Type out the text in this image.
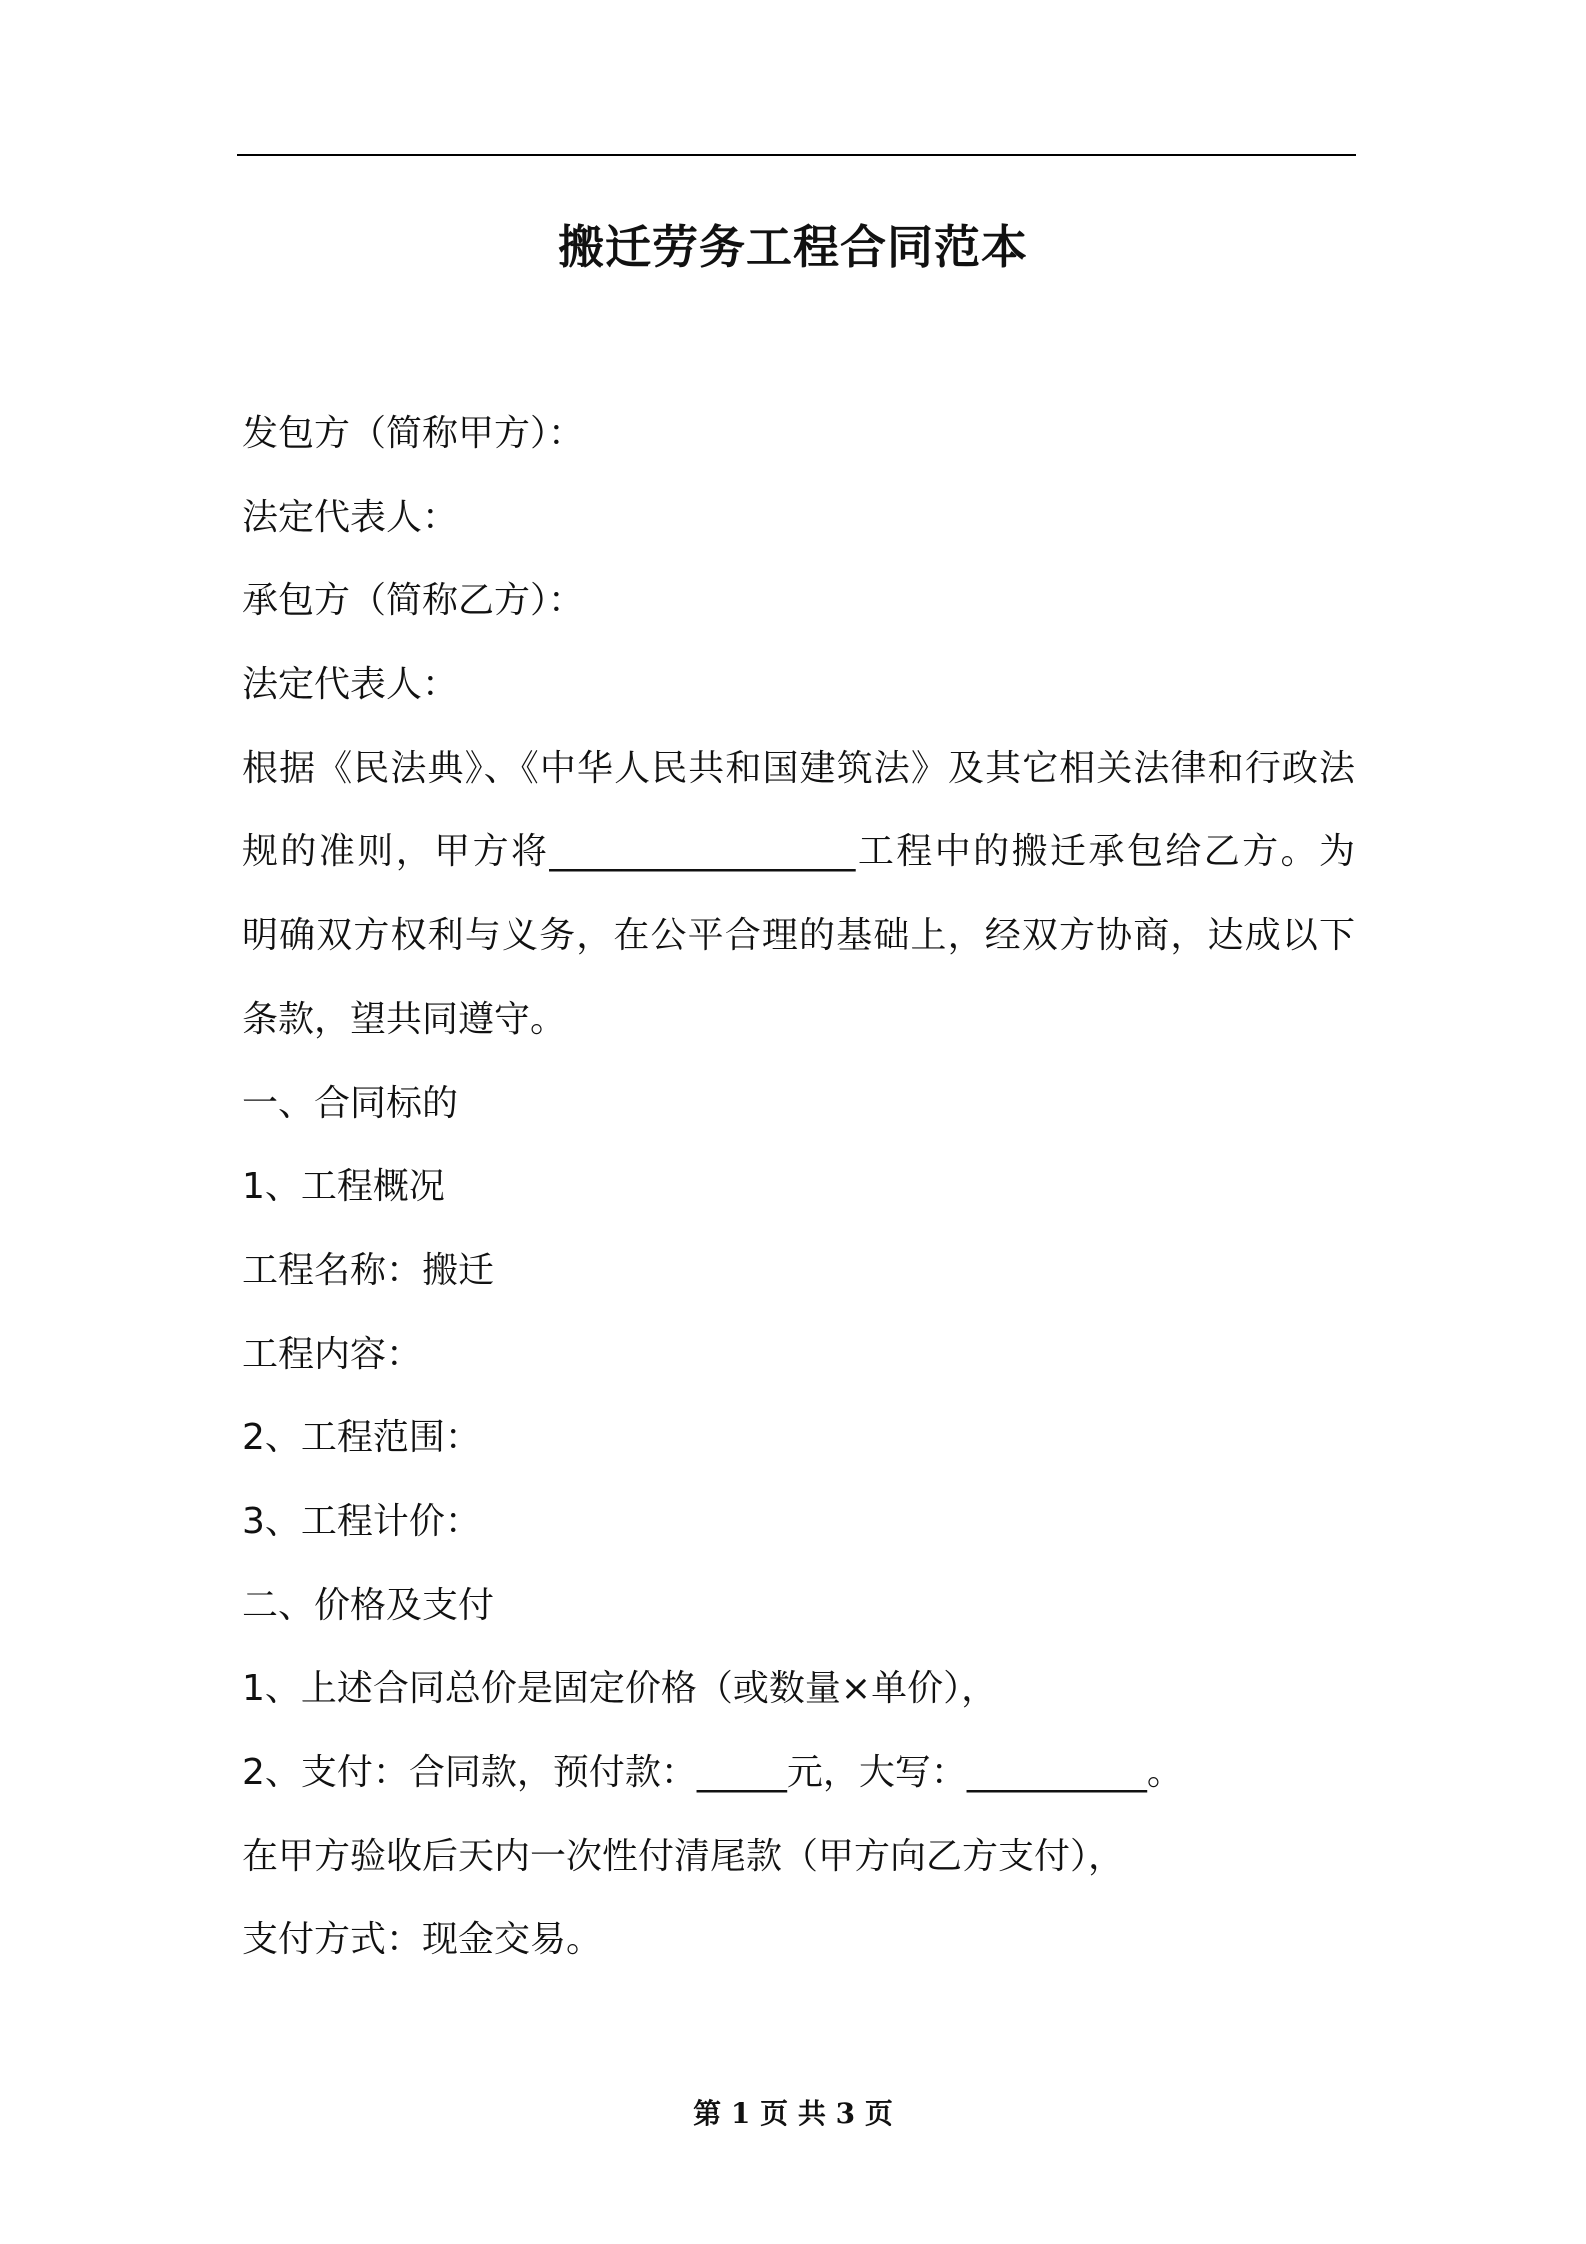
搬迁劳务工程合同范本
发包方（简称甲方）：
法定代表人：
承包方（简称乙方）：
法定代表人：
根据《民法典》、《中华人民共和国建筑法》及其它相关法律和行政法
规的准则，甲方将_________________工程中的搬迁承包给乙方。为
明确双方权利与义务，在公平合理的基础上，经双方协商，达成以下
条款，望共同遵守。
一、合同标的
1、工程概况
工程名称：搬迁
工程内容：
2、工程范围：
3、工程计价：
二、价格及支付
1、上述合同总价是固定价格（或数量×单价），
2、支付：合同款，预付款：_____元，大写：__________。
在甲方验收后天内一次性付清尾款（甲方向乙方支付），
支付方式：现金交易。
第 1 页 共 3 页
